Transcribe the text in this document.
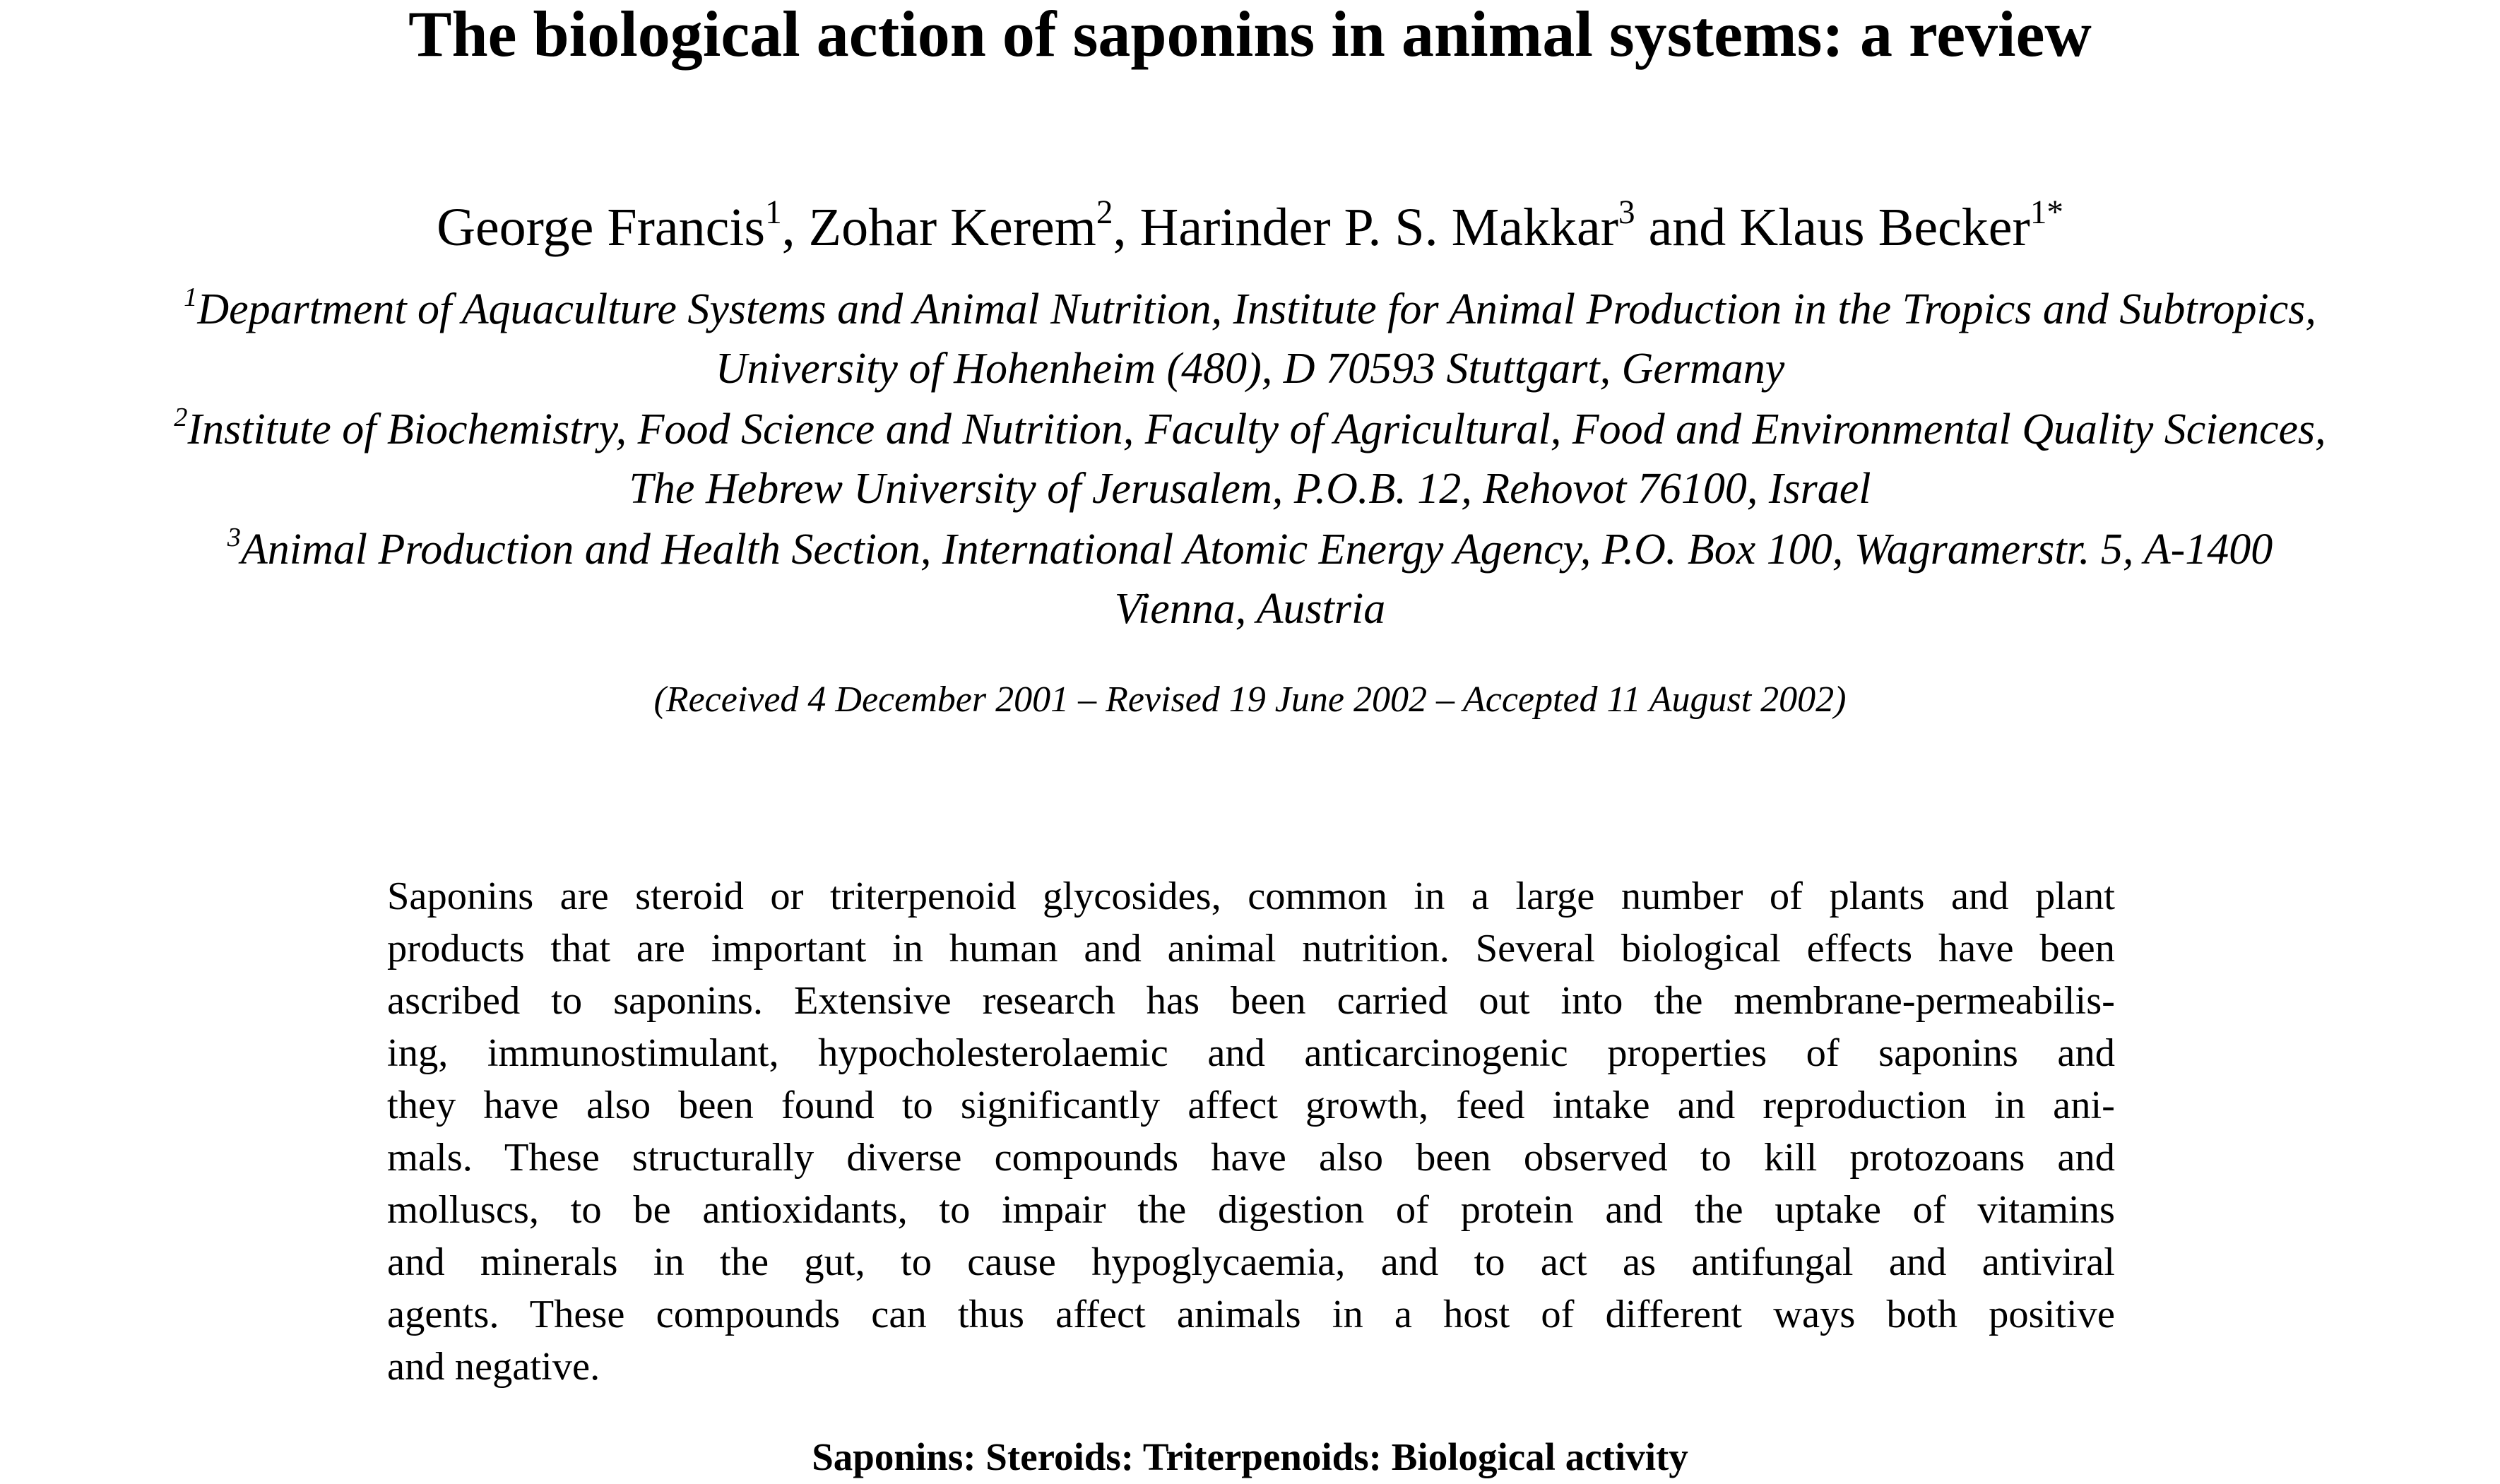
The biological action of saponins in animal systems: a review
George Francis$^1$, Zohar Kerem$^2$, Harinder P. S. Makkar$^3$ and Klaus Becker$^{1*}$
$^1$Department of Aquaculture Systems and Animal Nutrition, Institute for Animal Production in the Tropics and Subtropics,
University of Hohenheim (480), D 70593 Stuttgart, Germany
$^2$Institute of Biochemistry, Food Science and Nutrition, Faculty of Agricultural, Food and Environmental Quality Sciences,
The Hebrew University of Jerusalem, P.O.B. 12, Rehovot 76100, Israel
$^3$Animal Production and Health Section, International Atomic Energy Agency, P.O. Box 100, Wagramerstr. 5, A-1400
Vienna, Austria
(Received 4 December 2001 – Revised 19 June 2002 – Accepted 11 August 2002)
Saponins are steroid or triterpenoid glycosides, common in a large number of plants and plant
products that are important in human and animal nutrition. Several biological effects have been
ascribed to saponins. Extensive research has been carried out into the membrane-permeabilis-
ing, immunostimulant, hypocholesterolaemic and anticarcinogenic properties of saponins and
they have also been found to significantly affect growth, feed intake and reproduction in ani-
mals. These structurally diverse compounds have also been observed to kill protozoans and
molluscs, to be antioxidants, to impair the digestion of protein and the uptake of vitamins
and minerals in the gut, to cause hypoglycaemia, and to act as antifungal and antiviral
agents. These compounds can thus affect animals in a host of different ways both positive
and negative.
Saponins: Steroids: Triterpenoids: Biological activity
